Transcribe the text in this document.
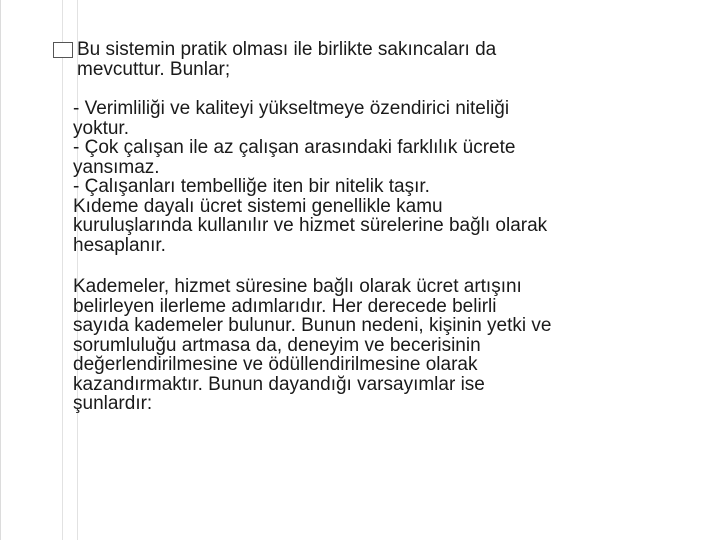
Bu sistemin pratik olması ile birlikte sakıncaları da
mevcuttur. Bunlar;
- Verimliliği ve kaliteyi yükseltmeye özendirici niteliği
yoktur.
- Çok çalışan ile az çalışan arasındaki farklılık ücrete
yansımaz.
- Çalışanları tembelliğe iten bir nitelik taşır.
Kıdeme dayalı ücret sistemi genellikle kamu
kuruluşlarında kullanılır ve hizmet sürelerine bağlı olarak
hesaplanır.
Kademeler, hizmet süresine bağlı olarak ücret artışını
belirleyen ilerleme adımlarıdır. Her derecede belirli
sayıda kademeler bulunur. Bunun nedeni, kişinin yetki ve
sorumluluğu artmasa da, deneyim ve becerisinin
değerlendirilmesine ve ödüllendirilmesine olarak
kazandırmaktır. Bunun dayandığı varsayımlar ise
şunlardır:
